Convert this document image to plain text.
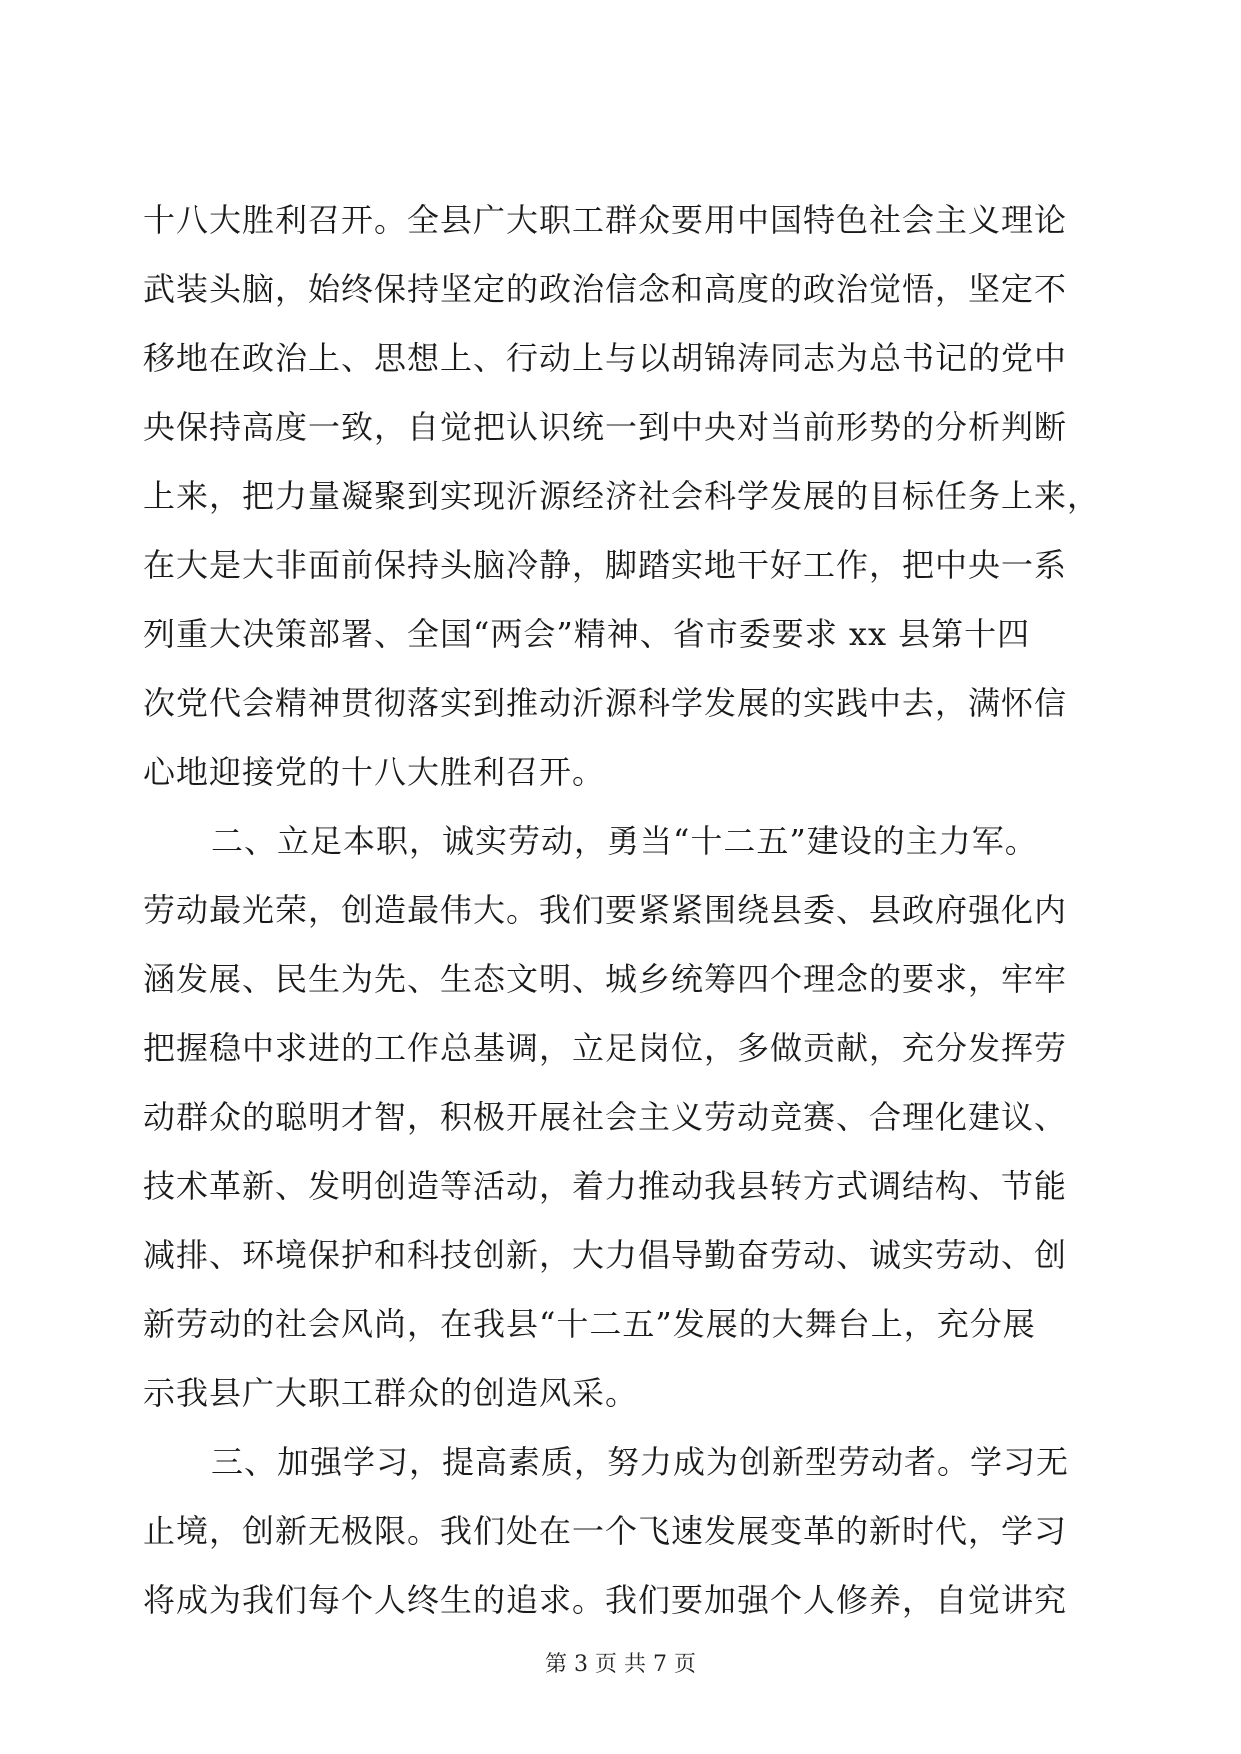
十八大胜利召开。全县广大职工群众要用中国特色社会主义理论
武装头脑，始终保持坚定的政治信念和高度的政治觉悟，坚定不
移地在政治上、思想上、行动上与以胡锦涛同志为总书记的党中
央保持高度一致，自觉把认识统一到中央对当前形势的分析判断
上来，把力量凝聚到实现沂源经济社会科学发展的目标任务上来，
在大是大非面前保持头脑冷静，脚踏实地干好工作，把中央一系
列重大决策部署、全国“两会”精神、省市委要求 xx 县第十四
次党代会精神贯彻落实到推动沂源科学发展的实践中去，满怀信
心地迎接党的十八大胜利召开。
二、立足本职，诚实劳动，勇当“十二五”建设的主力军。
劳动最光荣，创造最伟大。我们要紧紧围绕县委、县政府强化内
涵发展、民生为先、生态文明、城乡统筹四个理念的要求，牢牢
把握稳中求进的工作总基调，立足岗位，多做贡献，充分发挥劳
动群众的聪明才智，积极开展社会主义劳动竞赛、合理化建议、
技术革新、发明创造等活动，着力推动我县转方式调结构、节能
减排、环境保护和科技创新，大力倡导勤奋劳动、诚实劳动、创
新劳动的社会风尚，在我县“十二五”发展的大舞台上，充分展
示我县广大职工群众的创造风采。
三、加强学习，提高素质，努力成为创新型劳动者。学习无
止境，创新无极限。我们处在一个飞速发展变革的新时代，学习
将成为我们每个人终生的追求。我们要加强个人修养，自觉讲究
第 3 页 共 7 页
